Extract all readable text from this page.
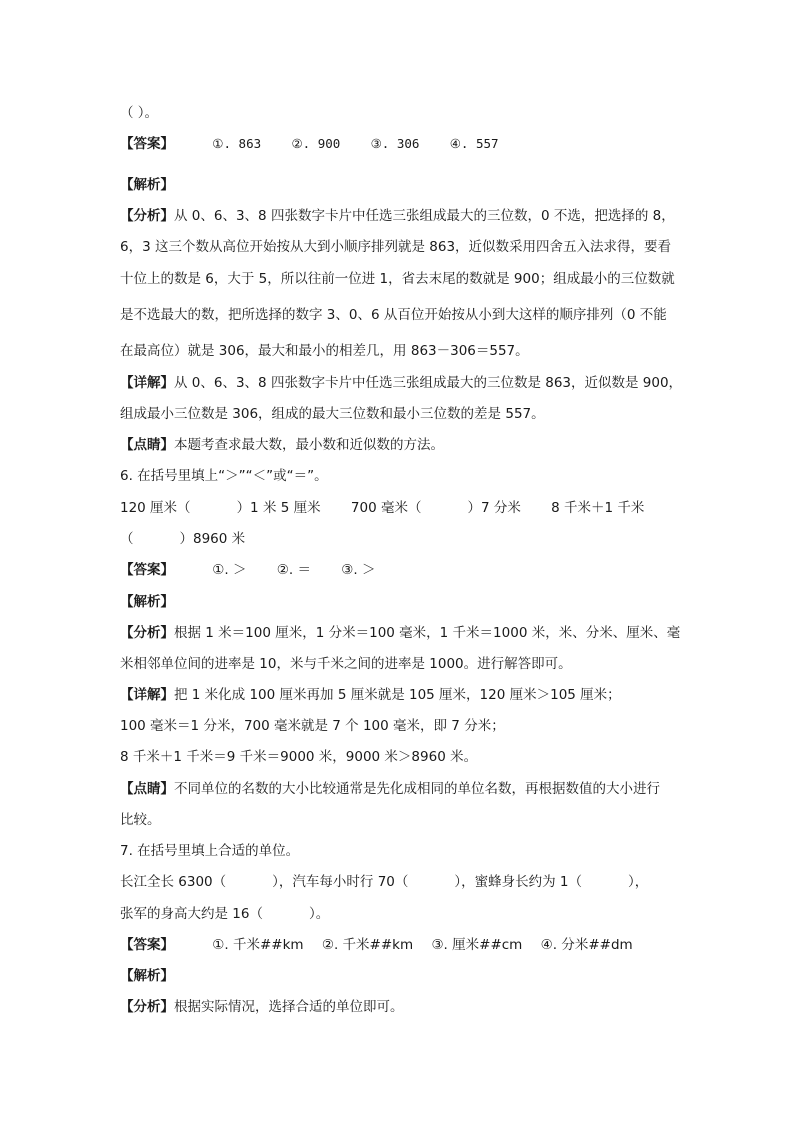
（ ）。
【答案】	①. 863 ②. 900 ③. 306 ④. 557
【解析】
【分析】从 0、6、3、8 四张数字卡片中任选三张组成最大的三位数，0 不选，把选择的 8，
6，3 这三个数从高位开始按从大到小顺序排列就是 863，近似数采用四舍五入法求得，要看
十位上的数是 6，大于 5，所以往前一位进 1，省去末尾的数就是 900；组成最小的三位数就
是不选最大的数，把所选择的数字 3、0、6 从百位开始按从小到大这样的顺序排列（0 不能
在最高位）就是 306，最大和最小的相差几，用 863－306＝557。
【详解】从 0、6、3、8 四张数字卡片中任选三张组成最大的三位数是 863，近似数是 900，
组成最小三位数是 306，组成的最大三位数和最小三位数的差是 557。
【点睛】本题考查求最大数，最小数和近似数的方法。
6. 在括号里填上“＞”“＜”或“＝”。
120 厘米（	）1 米 5 厘米 700 毫米（	）7 分米 8 千米＋1 千米
（	）8960 米
【答案】	①. ＞ ②. ＝ ③. ＞
【解析】
【分析】根据 1 米＝100 厘米，1 分米＝100 毫米，1 千米＝1000 米，米、分米、厘米、毫
米相邻单位间的进率是 10，米与千米之间的进率是 1000。进行解答即可。
【详解】把 1 米化成 100 厘米再加 5 厘米就是 105 厘米，120 厘米＞105 厘米；
100 毫米＝1 分米，700 毫米就是 7 个 100 毫米，即 7 分米；
8 千米＋1 千米＝9 千米＝9000 米，9000 米＞8960 米。
【点睛】不同单位的名数的大小比较通常是先化成相同的单位名数，再根据数值的大小进行
比较。
7. 在括号里填上合适的单位。
长江全长 6300（	），汽车每小时行 70（	），蜜蜂身长约为 1（	），
张军的身高大约是 16（	）。
【答案】	①. 千米##km ②. 千米##km ③. 厘米##cm ④. 分米##dm
【解析】
【分析】根据实际情况，选择合适的单位即可。
